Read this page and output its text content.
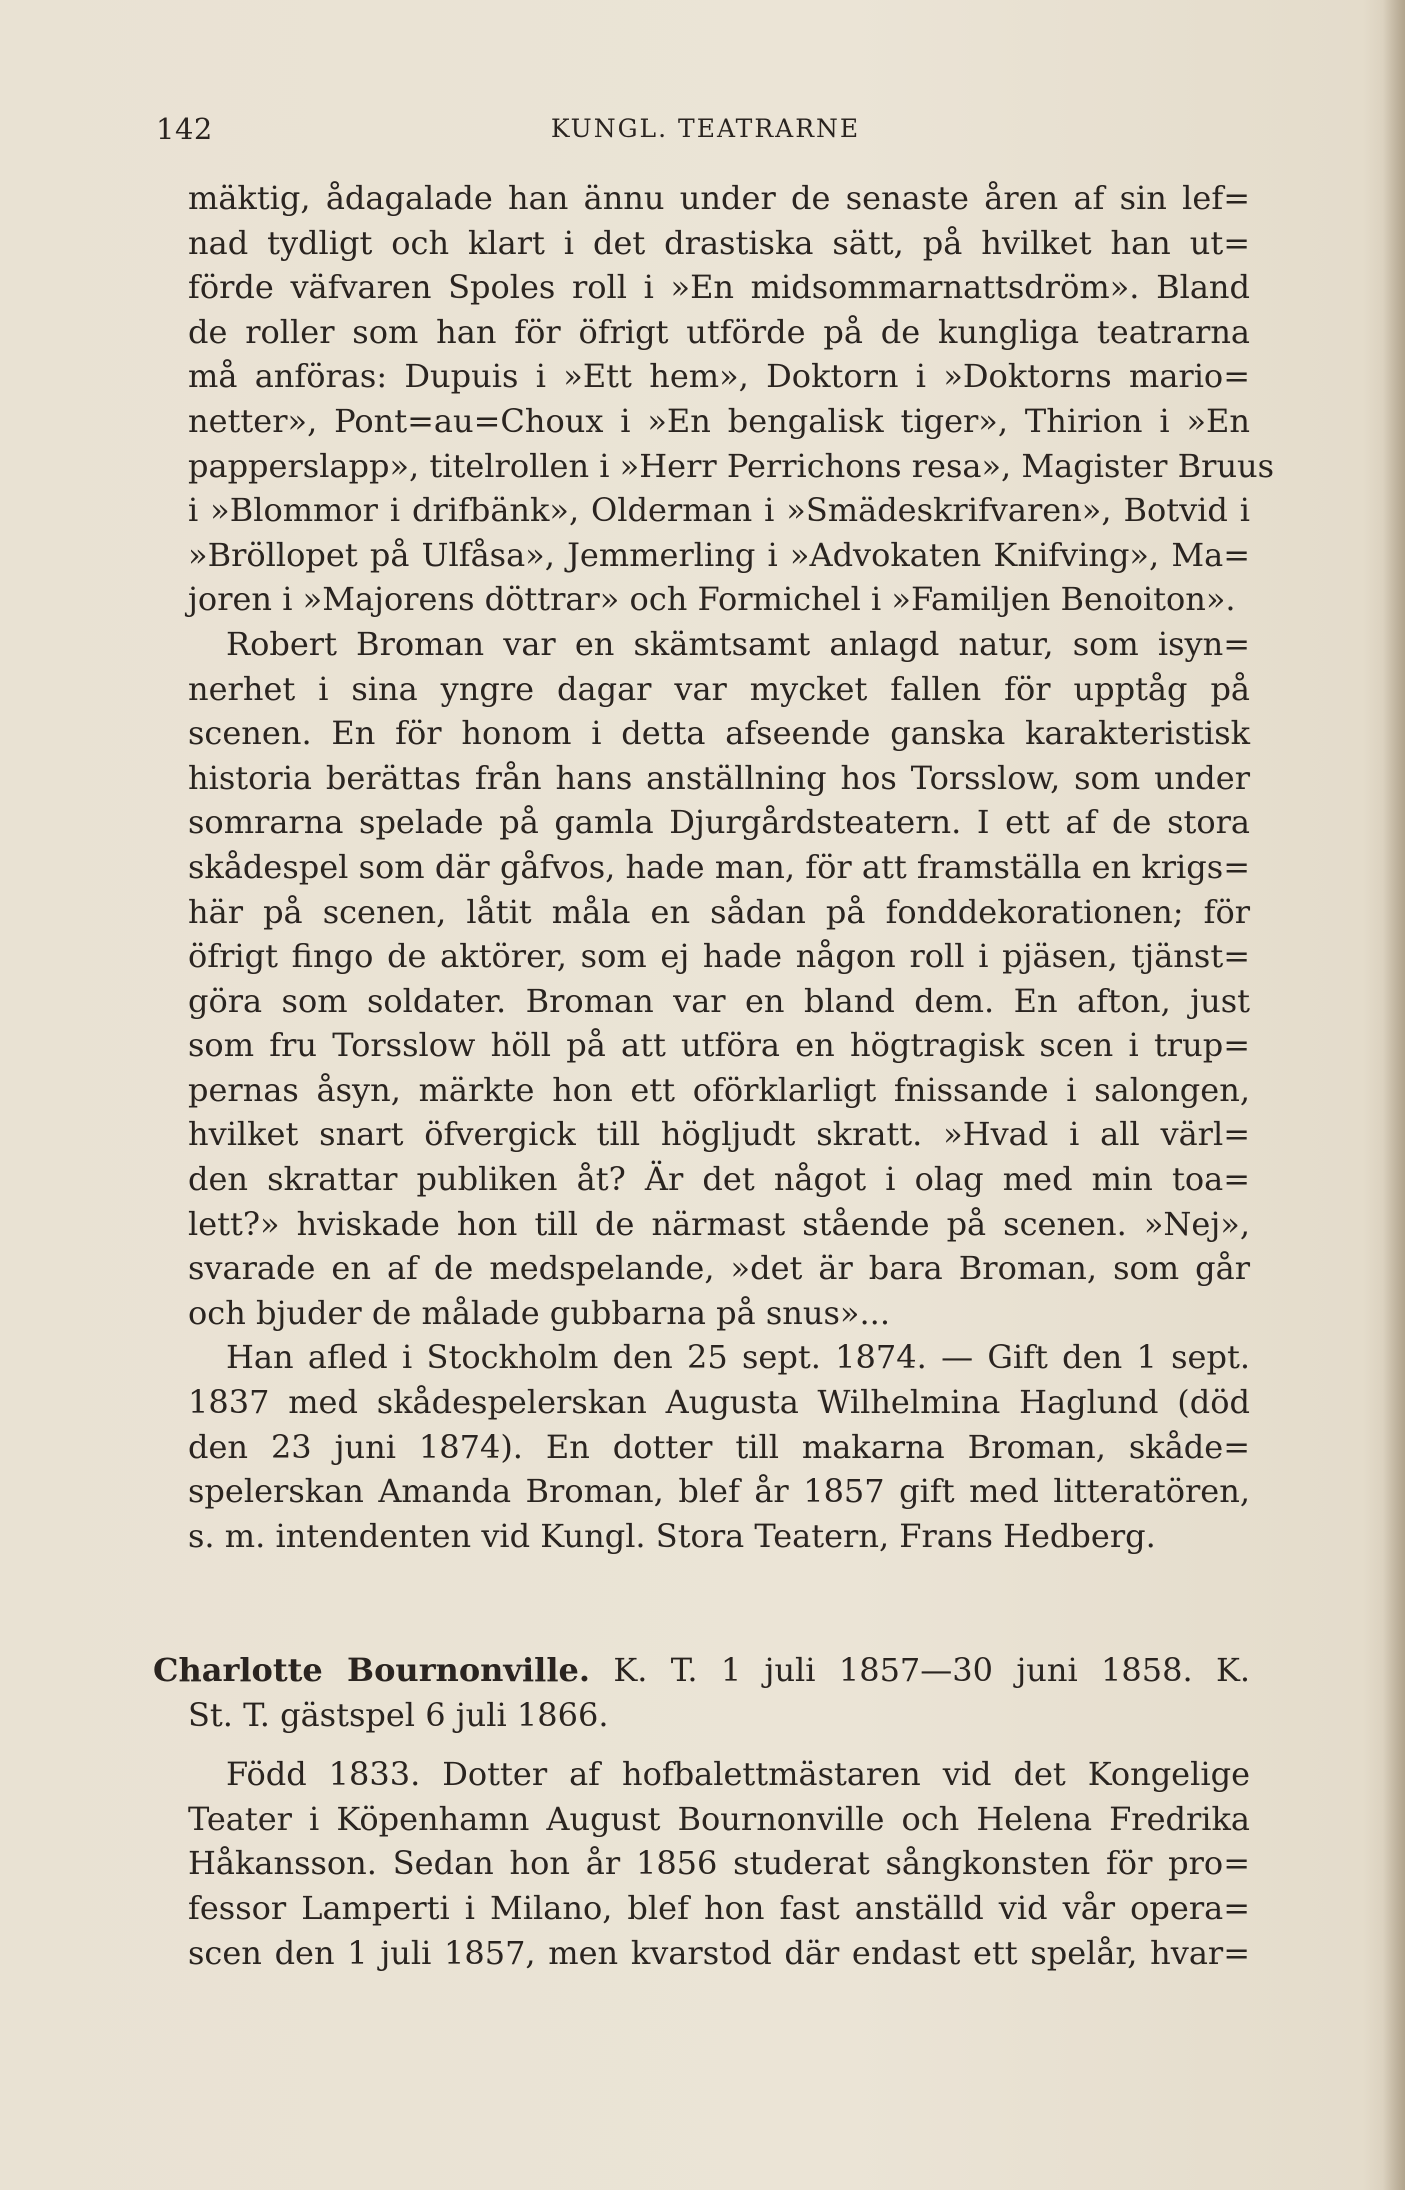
142	KUNGL. TEATRARNE
mäktig, ådagalade han ännu under de senaste åren af sin lef=
nad tydligt och klart i det drastiska sätt, på hvilket han ut=
förde väfvaren Spoles roll i »En midsommarnattsdröm». Bland
de roller som han för öfrigt utförde på de kungliga teatrarna
må anföras: Dupuis i »Ett hem», Doktorn i »Doktorns mario=
netter», Pont=au=Choux i »En bengalisk tiger», Thirion i »En
papperslapp», titelrollen i »Herr Perrichons resa», Magister Bruus
i »Blommor i drifbänk», Olderman i »Smädeskrifvaren», Botvid i
»Bröllopet på Ulfåsa», Jemmerling i »Advokaten Knifving», Ma=
joren i »Majorens döttrar» och Formichel i »Familjen Benoiton».
Robert Broman var en skämtsamt anlagd natur, som isyn=
nerhet i sina yngre dagar var mycket fallen för upptåg på
scenen. En för honom i detta afseende ganska karakteristisk
historia berättas från hans anställning hos Torsslow, som under
somrarna spelade på gamla Djurgårdsteatern. I ett af de stora
skådespel som där gåfvos, hade man, för att framställa en krigs=
här på scenen, låtit måla en sådan på fonddekorationen; för
öfrigt fingo de aktörer, som ej hade någon roll i pjäsen, tjänst=
göra som soldater. Broman var en bland dem. En afton, just
som fru Torsslow höll på att utföra en högtragisk scen i trup=
pernas åsyn, märkte hon ett oförklarligt fnissande i salongen,
hvilket snart öfvergick till högljudt skratt. »Hvad i all värl=
den skrattar publiken åt? Är det något i olag med min toa=
lett?» hviskade hon till de närmast stående på scenen. »Nej»,
svarade en af de medspelande, »det är bara Broman, som går
och bjuder de målade gubbarna på snus»...
Han afled i Stockholm den 25 sept. 1874. — Gift den 1 sept.
1837 med skådespelerskan Augusta Wilhelmina Haglund (död
den 23 juni 1874). En dotter till makarna Broman, skåde=
spelerskan Amanda Broman, blef år 1857 gift med litteratören,
s. m. intendenten vid Kungl. Stora Teatern, Frans Hedberg.
Charlotte Bournonville. K. T. 1 juli 1857—30 juni 1858. K.
St. T. gästspel 6 juli 1866.
Född 1833. Dotter af hofbalettmästaren vid det Kongelige
Teater i Köpenhamn August Bournonville och Helena Fredrika
Håkansson. Sedan hon år 1856 studerat sångkonsten för pro=
fessor Lamperti i Milano, blef hon fast anställd vid vår opera=
scen den 1 juli 1857, men kvarstod där endast ett spelår, hvar=
